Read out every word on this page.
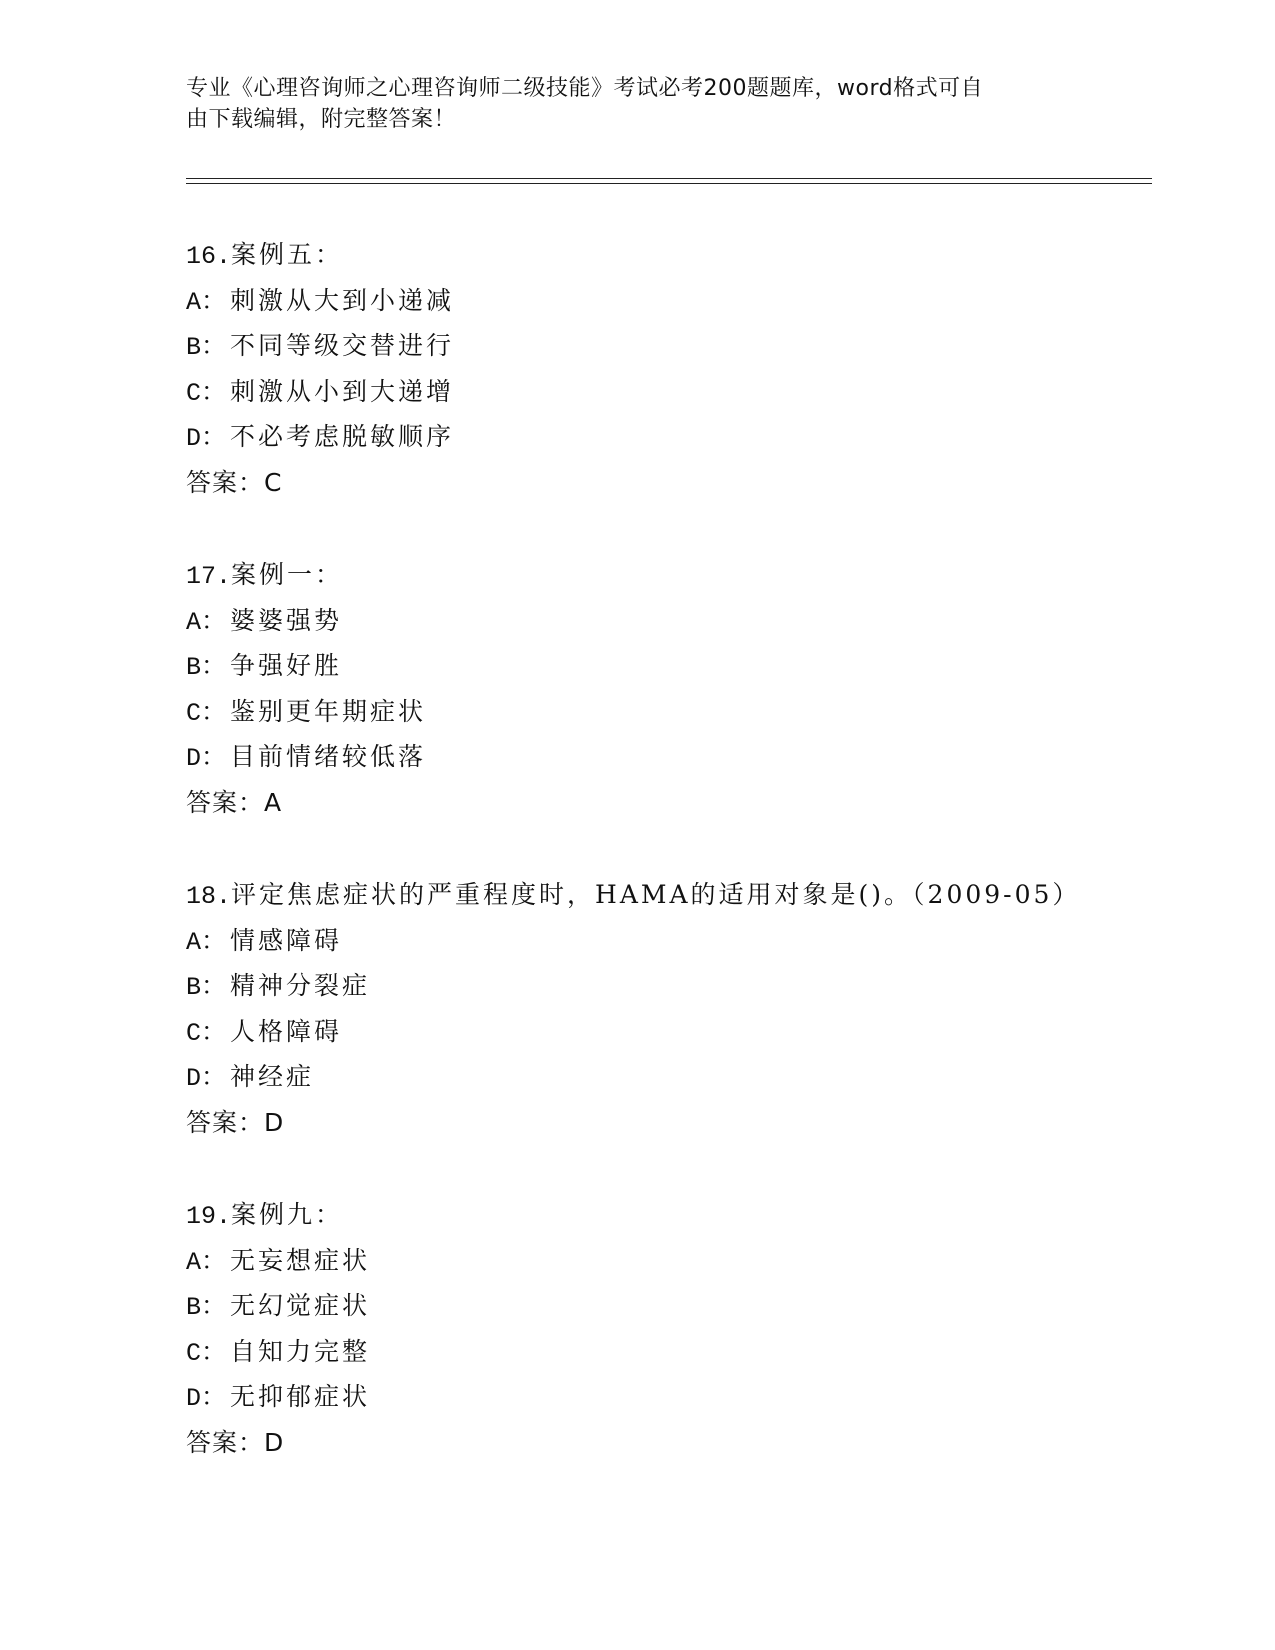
专业《心理咨询师之心理咨询师二级技能》考试必考200题题库，word格式可自
由下载编辑，附完整答案！
16.案例五：
A： 刺激从大到小递减
B： 不同等级交替进行
C： 刺激从小到大递增
D： 不必考虑脱敏顺序
答案：C
17.案例一：
A： 婆婆强势
B： 争强好胜
C： 鉴别更年期症状
D： 目前情绪较低落
答案：A
18.评定焦虑症状的严重程度时，HAMA的适用对象是()。（2009-05）
A： 情感障碍
B： 精神分裂症
C： 人格障碍
D： 神经症
答案：D
19.案例九：
A： 无妄想症状
B： 无幻觉症状
C： 自知力完整
D： 无抑郁症状
答案：D
